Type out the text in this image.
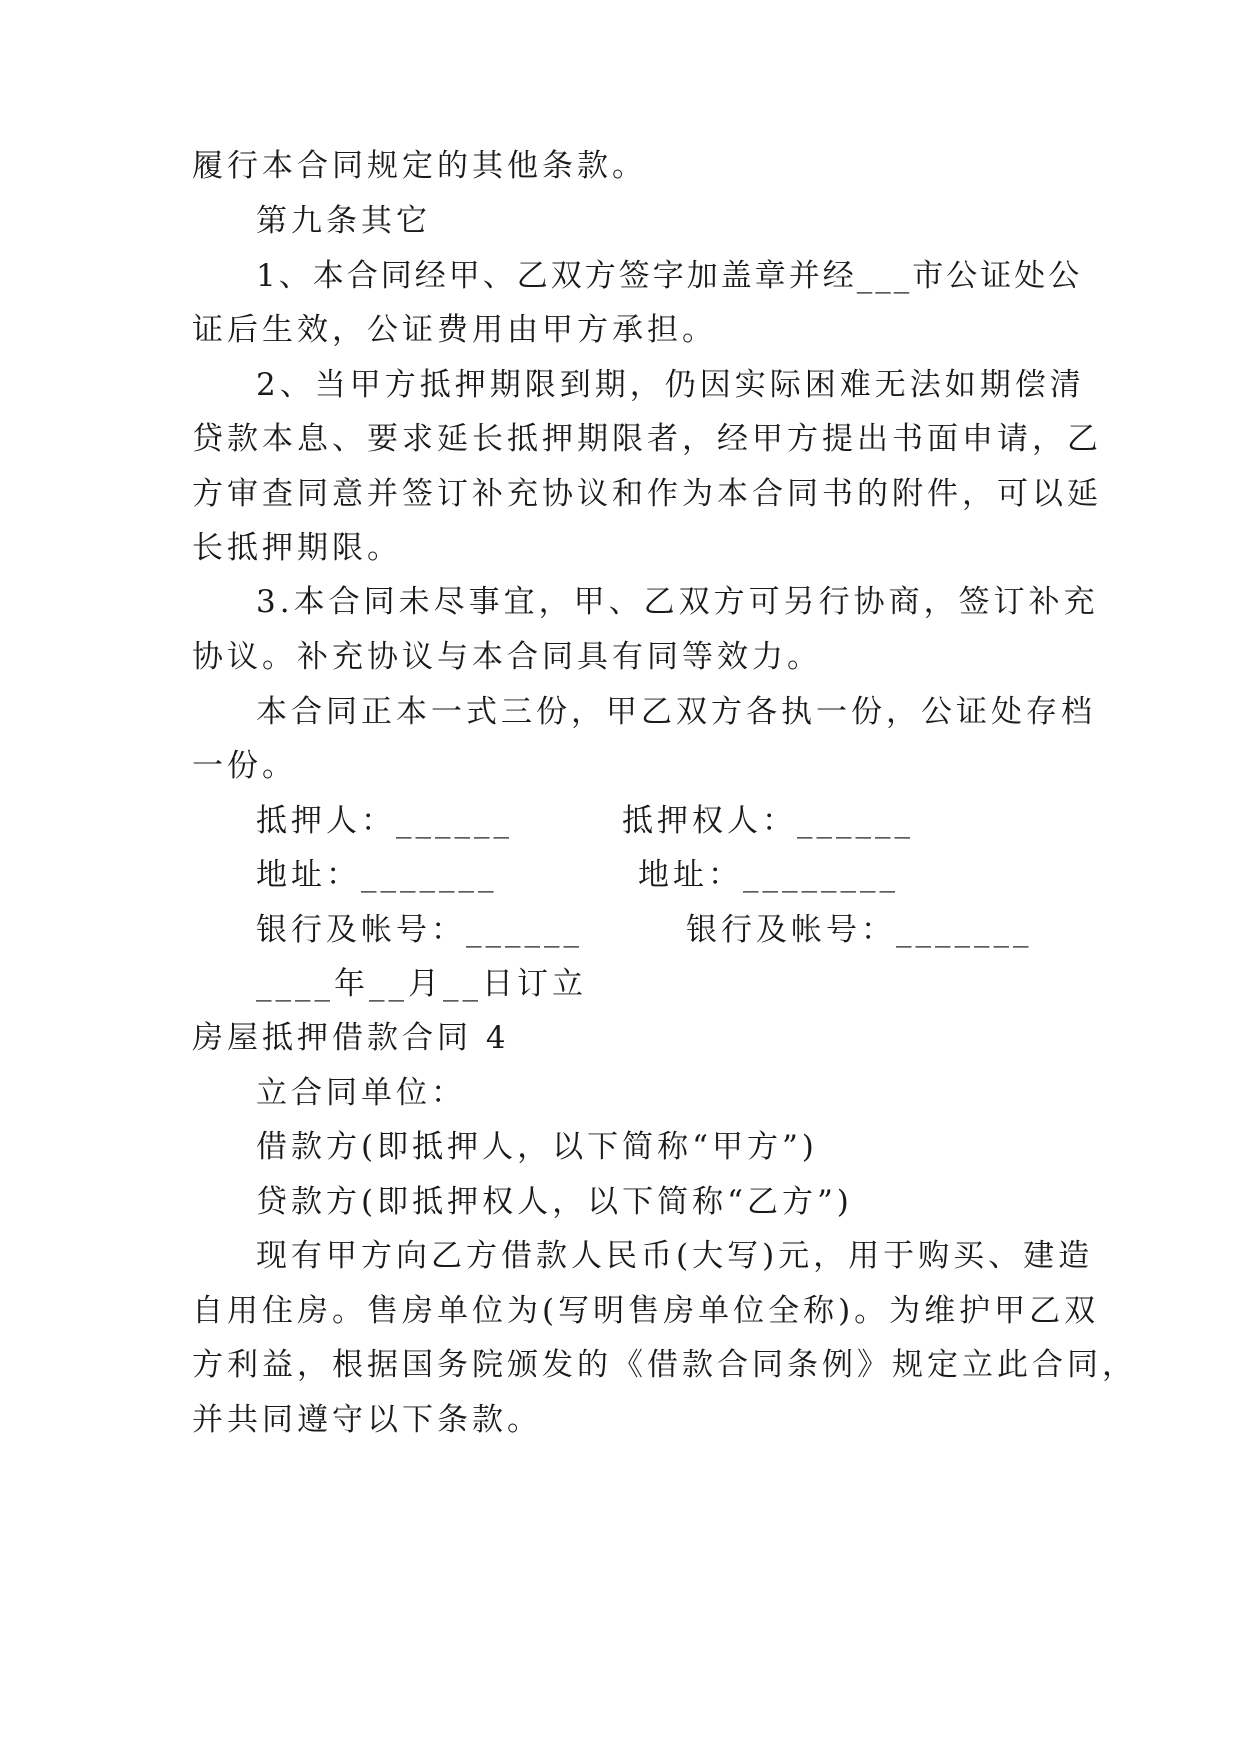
履行本合同规定的其他条款。
第九条其它
1、本合同经甲、乙双方签字加盖章并经___市公证处公
证后生效，公证费用由甲方承担。
2、当甲方抵押期限到期，仍因实际困难无法如期偿清
贷款本息、要求延长抵押期限者，经甲方提出书面申请，乙
方审查同意并签订补充协议和作为本合同书的附件，可以延
长抵押期限。
3.本合同未尽事宜，甲、乙双方可另行协商，签订补充
协议。补充协议与本合同具有同等效力。
本合同正本一式三份，甲乙双方各执一份，公证处存档
一份。
抵押人：______	抵押权人：______
地址：_______	地址：________
银行及帐号：______	银行及帐号：_______
____年__月__日订立
房屋抵押借款合同 4
立合同单位：
借款方(即抵押人，以下简称“甲方”)
贷款方(即抵押权人，以下简称“乙方”)
现有甲方向乙方借款人民币(大写)元，用于购买、建造
自用住房。售房单位为(写明售房单位全称)。为维护甲乙双
方利益，根据国务院颁发的《借款合同条例》规定立此合同，
并共同遵守以下条款。
